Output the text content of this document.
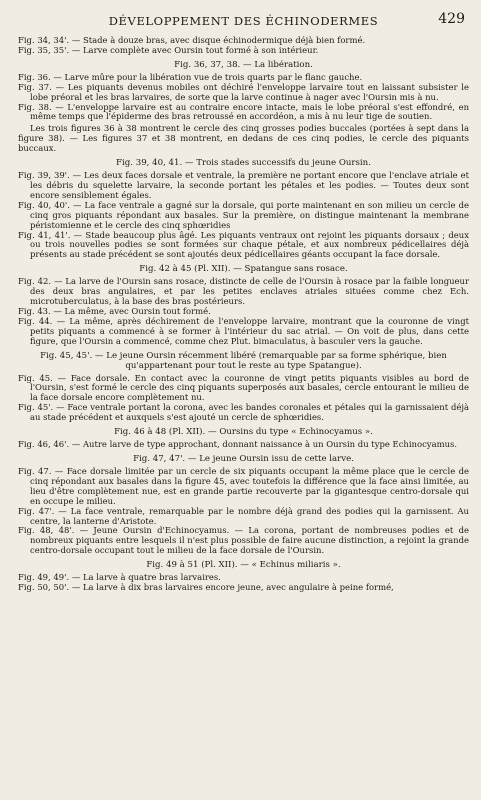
DÉVELOPPEMENT DES ÉCHINODERMES	429

Fig. 34, 34'. — Stade à douze bras, avec disque échinodermique déjà bien formé.

Fig. 35, 35'. — Larve complète avec Oursin tout formé à son intérieur.

Fig. 36, 37, 38. — La libération.

Fig. 36. — Larve mûre pour la libération vue de trois quarts par le flanc gauche.

Fig. 37. — Les piquants devenus mobiles ont déchiré l'enveloppe larvaire tout en laissant subsister le lobe préoral et les bras larvaires, de sorte que la larve continue à nager avec l'Oursin mis à nu.

Fig. 38. — L'enveloppe larvaire est au contraire encore intacte, mais le lobe préoral s'est effondré, en même temps que l'épiderme des bras retroussé en accordéon, a mis à nu leur tige de soutien.

Les trois figures 36 à 38 montrent le cercle des cinq grosses podies buccales (portées à sept dans la figure 38). — Les figures 37 et 38 montrent, en dedans de ces cinq podies, le cercle des piquants buccaux.

Fig. 39, 40, 41. — Trois stades successifs du jeune Oursin.

Fig. 39, 39'. — Les deux faces dorsale et ventrale, la première ne portant encore que l'enclave atriale et les débris du squelette larvaire, la seconde portant les pétales et les podies. — Toutes deux sont encore sensiblement égales.

Fig. 40, 40'. — La face ventrale a gagné sur la dorsale, qui porte maintenant en son milieu un cercle de cinq gros piquants répondant aux basales. Sur la première, on distingue maintenant la membrane péristomienne et le cercle des cinq sphœridies

Fig. 41, 41'. — Stade beaucoup plus âgé. Les piquants ventraux ont rejoint les piquants dorsaux ; deux ou trois nouvelles podies se sont formées sur chaque pétale, et aux nombreux pédicellaires déjà présents au stade précédent se sont ajoutés deux pédicellaires géants occupant la face dorsale.

Fig. 42 à 45 (Pl. XII). — Spatangue sans rosace.

Fig. 42. — La larve de l'Oursin sans rosace, distincte de celle de l'Oursin à rosace par la faible longueur des deux bras angulaires, et par les petites enclaves atriales situées comme chez Ech. microtuberculatus, à la base des bras postérieurs.

Fig. 43. — La même, avec Oursin tout formé.

Fig. 44. — La même, après déchirement de l'enveloppe larvaire, montrant que la couronne de vingt petits piquants a commencé à se former à l'intérieur du sac atrial. — On voit de plus, dans cette figure, que l'Oursin a commencé, comme chez Plut. bimaculatus, à basculer vers la gauche.

Fig. 45, 45'. — Le jeune Oursin récemment libéré (remarquable par sa forme sphérique, bien qu'appartenant pour tout le reste au type Spatangue).

Fig. 45. — Face dorsale. En contact avec la couronne de vingt petits piquants visibles au bord de l'Oursin, s'est formé le cercle des cinq piquants superposés aux basales, cercle entourant le milieu de la face dorsale encore complètement nu.

Fig. 45'. — Face ventrale portant la corona, avec les bandes coronales et pétales qui la garnissaient déjà au stade précédent et auxquels s'est ajouté un cercle de sphœridies.

Fig. 46 à 48 (Pl. XII). — Oursins du type « Echinocyamus ».

Fig. 46, 46'. — Autre larve de type approchant, donnant naissance à un Oursin du type Echinocyamus.

Fig. 47, 47'. — Le jeune Oursin issu de cette larve.

Fig. 47. — Face dorsale limitée par un cercle de six piquants occupant la même place que le cercle de cinq répondant aux basales dans la figure 45, avec toutefois la différence que la face ainsi limitée, au lieu d'être complètement nue, est en grande partie recouverte par la gigantesque centro-dorsale qui en occupe le milieu.

Fig. 47'. — La face ventrale, remarquable par le nombre déjà grand des podies qui la garnissent. Au centre, la lanterne d'Aristote.

Fig. 48, 48'. — Jeune Oursin d'Echinocyamus. — La corona, portant de nombreuses podies et de nombreux piquants entre lesquels il n'est plus possible de faire aucune distinction, a rejoint la grande centro-dorsale occupant tout le milieu de la face dorsale de l'Oursin.

Fig. 49 à 51 (Pl. XII). — « Echinus miliaris ».

Fig. 49, 49'. — La larve à quatre bras larvaires.

Fig. 50, 50'. — La larve à dix bras larvaires encore jeune, avec angulaire à peine formé,
